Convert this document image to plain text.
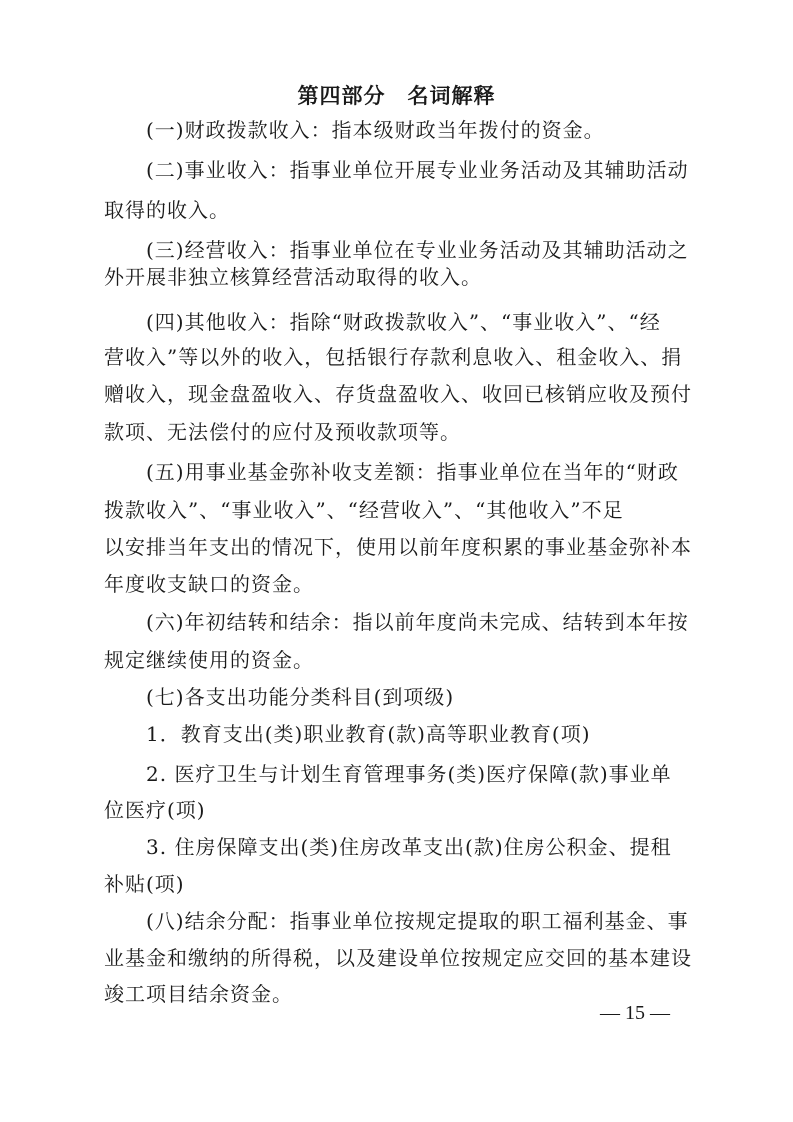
第四部分　名词解释
(一)财政拨款收入：指本级财政当年拨付的资金。
(二)事业收入：指事业单位开展专业业务活动及其辅助活动
取得的收入。
(三)经营收入：指事业单位在专业业务活动及其辅助活动之
外开展非独立核算经营活动取得的收入。
(四)其他收入：指除“财政拨款收入”、“事业收入”、“经
营收入”等以外的收入，包括银行存款利息收入、租金收入、捐
赠收入，现金盘盈收入、存货盘盈收入、收回已核销应收及预付
款项、无法偿付的应付及预收款项等。
(五)用事业基金弥补收支差额：指事业单位在当年的“财政
拨款收入”、“事业收入”、“经营收入”、“其他收入”不足
以安排当年支出的情况下，使用以前年度积累的事业基金弥补本
年度收支缺口的资金。
(六)年初结转和结余：指以前年度尚未完成、结转到本年按
规定继续使用的资金。
(七)各支出功能分类科目(到项级)
1．教育支出(类)职业教育(款)高等职业教育(项)
2. 医疗卫生与计划生育管理事务(类)医疗保障(款)事业单
位医疗(项)
3. 住房保障支出(类)住房改革支出(款)住房公积金、提租
补贴(项)
(八)结余分配：指事业单位按规定提取的职工福利基金、事
业基金和缴纳的所得税，以及建设单位按规定应交回的基本建设
竣工项目结余资金。
— 15 —
